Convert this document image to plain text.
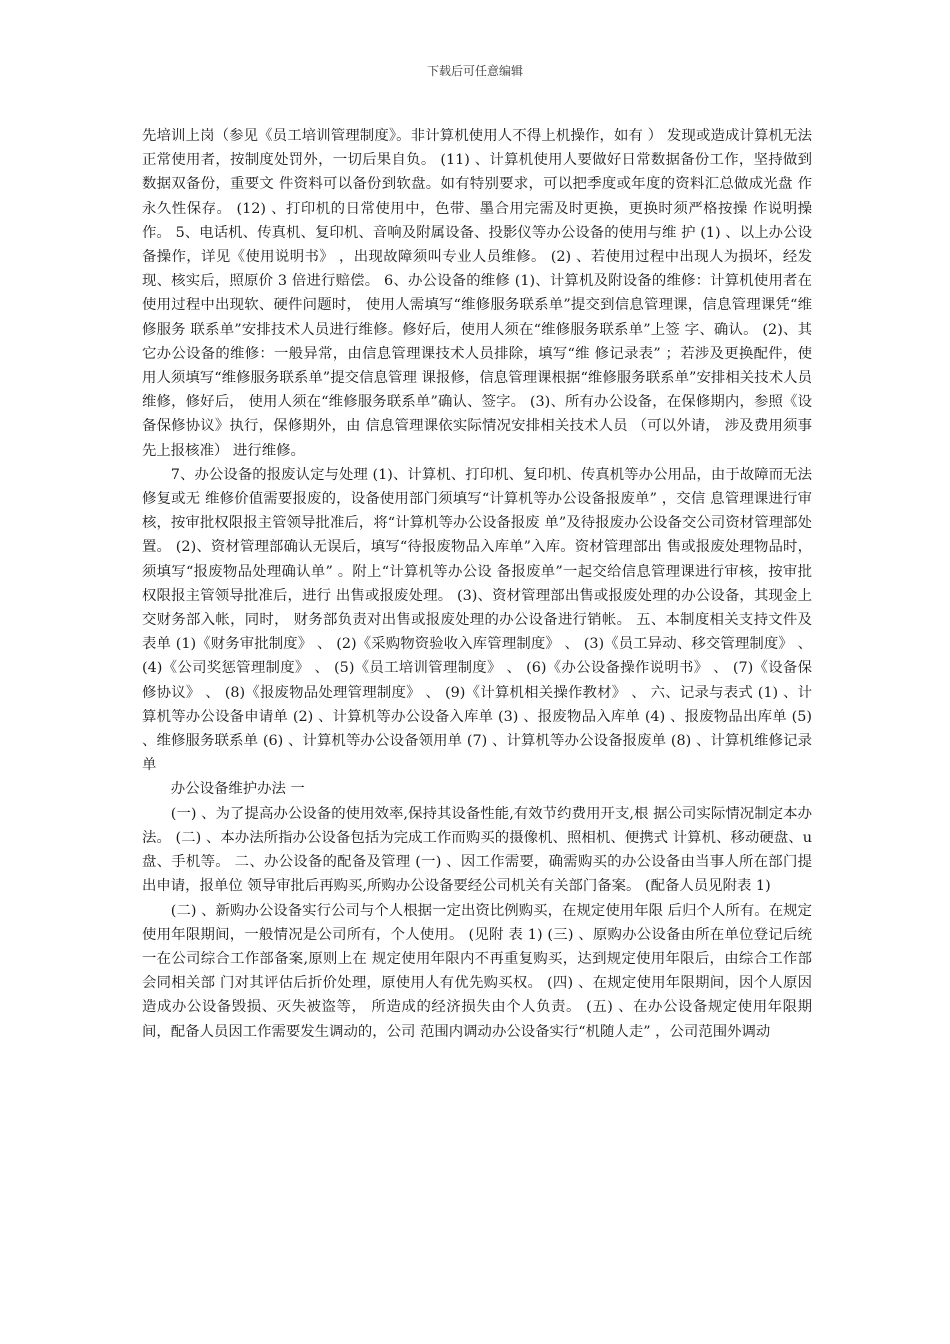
下载后可任意编辑

先培训上岗（参见《员工培训管理制度》。非计算机使用人不得上机操作，如有 ） 发现或造成计算机无法正常使用者，按制度处罚外，一切后果自负。 (11) 、计算机使用人要做好日常数据备份工作，坚持做到数据双备份，重要文 件资料可以备份到软盘。如有特别要求，可以把季度或年度的资料汇总做成光盘 作永久性保存。 (12) 、打印机的日常使用中，色带、墨合用完需及时更换，更换时须严格按操 作说明操作。 5、电话机、传真机、复印机、音响及附属设备、投影仪等办公设备的使用与维 护 (1) 、以上办公设备操作，详见《使用说明书》 ，出现故障须叫专业人员维修。 (2) 、若使用过程中出现人为损坏，经发现、核实后，照原价 3 倍进行赔偿。 6、办公设备的维修 (1)、计算机及附设备的维修：计算机使用者在使用过程中出现软、硬件问题时， 使用人需填写“维修服务联系单”提交到信息管理课，信息管理课凭“维修服务 联系单”安排技术人员进行维修。修好后，使用人须在“维修服务联系单”上签 字、确认。 (2)、其它办公设备的维修：一般异常，由信息管理课技术人员排除，填写“维 修记录表” ；若涉及更换配件，使用人须填写“维修服务联系单”提交信息管理 课报修，信息管理课根据“维修服务联系单”安排相关技术人员维修，修好后， 使用人须在“维修服务联系单”确认、签字。 (3)、所有办公设备，在保修期内，参照《设备保修协议》执行，保修期外，由 信息管理课依实际情况安排相关技术人员 （可以外请， 涉及费用须事先上报核准） 进行维修。

7、办公设备的报废认定与处理 (1)、计算机、打印机、复印机、传真机等办公用品，由于故障而无法修复或无 维修价值需要报废的，设备使用部门须填写“计算机等办公设备报废单” ，交信 息管理课进行审核，按审批权限报主管领导批准后，将“计算机等办公设备报废 单”及待报废办公设备交公司资材管理部处置。 (2)、资材管理部确认无误后，填写“待报废物品入库单”入库。资材管理部出 售或报废处理物品时，须填写“报废物品处理确认单” 。附上“计算机等办公设 备报废单”一起交给信息管理课进行审核，按审批权限报主管领导批准后，进行 出售或报废处理。 (3)、资材管理部出售或报废处理的办公设备，其现金上交财务部入帐，同时， 财务部负责对出售或报废处理的办公设备进行销帐。 五、本制度相关支持文件及表单 (1)《财务审批制度》 、 (2)《采购物资验收入库管理制度》 、 (3)《员工异动、移交管理制度》 、 (4)《公司奖惩管理制度》 、 (5)《员工培训管理制度》 、 (6)《办公设备操作说明书》 、 (7)《设备保修协议》 、 (8)《报废物品处理管理制度》 、 (9)《计算机相关操作教材》 、 六、记录与表式 (1) 、计算机等办公设备申请单 (2) 、计算机等办公设备入库单 (3) 、报废物品入库单 (4) 、报废物品出库单 (5) 、维修服务联系单 (6) 、计算机等办公设备领用单 (7) 、计算机等办公设备报废单 (8) 、计算机维修记录单

办公设备维护办法 一

(一) 、为了提高办公设备的使用效率,保持其设备性能,有效节约费用开支,根 据公司实际情况制定本办法。 (二) 、本办法所指办公设备包括为完成工作而购买的摄像机、照相机、便携式 计算机、移动硬盘、u 盘、手机等。 二、办公设备的配备及管理 (一) 、因工作需要，确需购买的办公设备由当事人所在部门提出申请，报单位 领导审批后再购买,所购办公设备要经公司机关有关部门备案。 (配备人员见附表 1)

(二) 、新购办公设备实行公司与个人根据一定出资比例购买，在规定使用年限 后归个人所有。在规定使用年限期间，一般情况是公司所有，个人使用。 (见附 表 1) (三) 、原购办公设备由所在单位登记后统一在公司综合工作部备案,原则上在 规定使用年限内不再重复购买，达到规定使用年限后，由综合工作部会同相关部 门对其评估后折价处理，原使用人有优先购买权。 (四) 、在规定使用年限期间，因个人原因造成办公设备毁损、灭失被盗等， 所造成的经济损失由个人负责。 (五) 、在办公设备规定使用年限期间，配备人员因工作需要发生调动的，公司 范围内调动办公设备实行“机随人走” ，公司范围外调动
